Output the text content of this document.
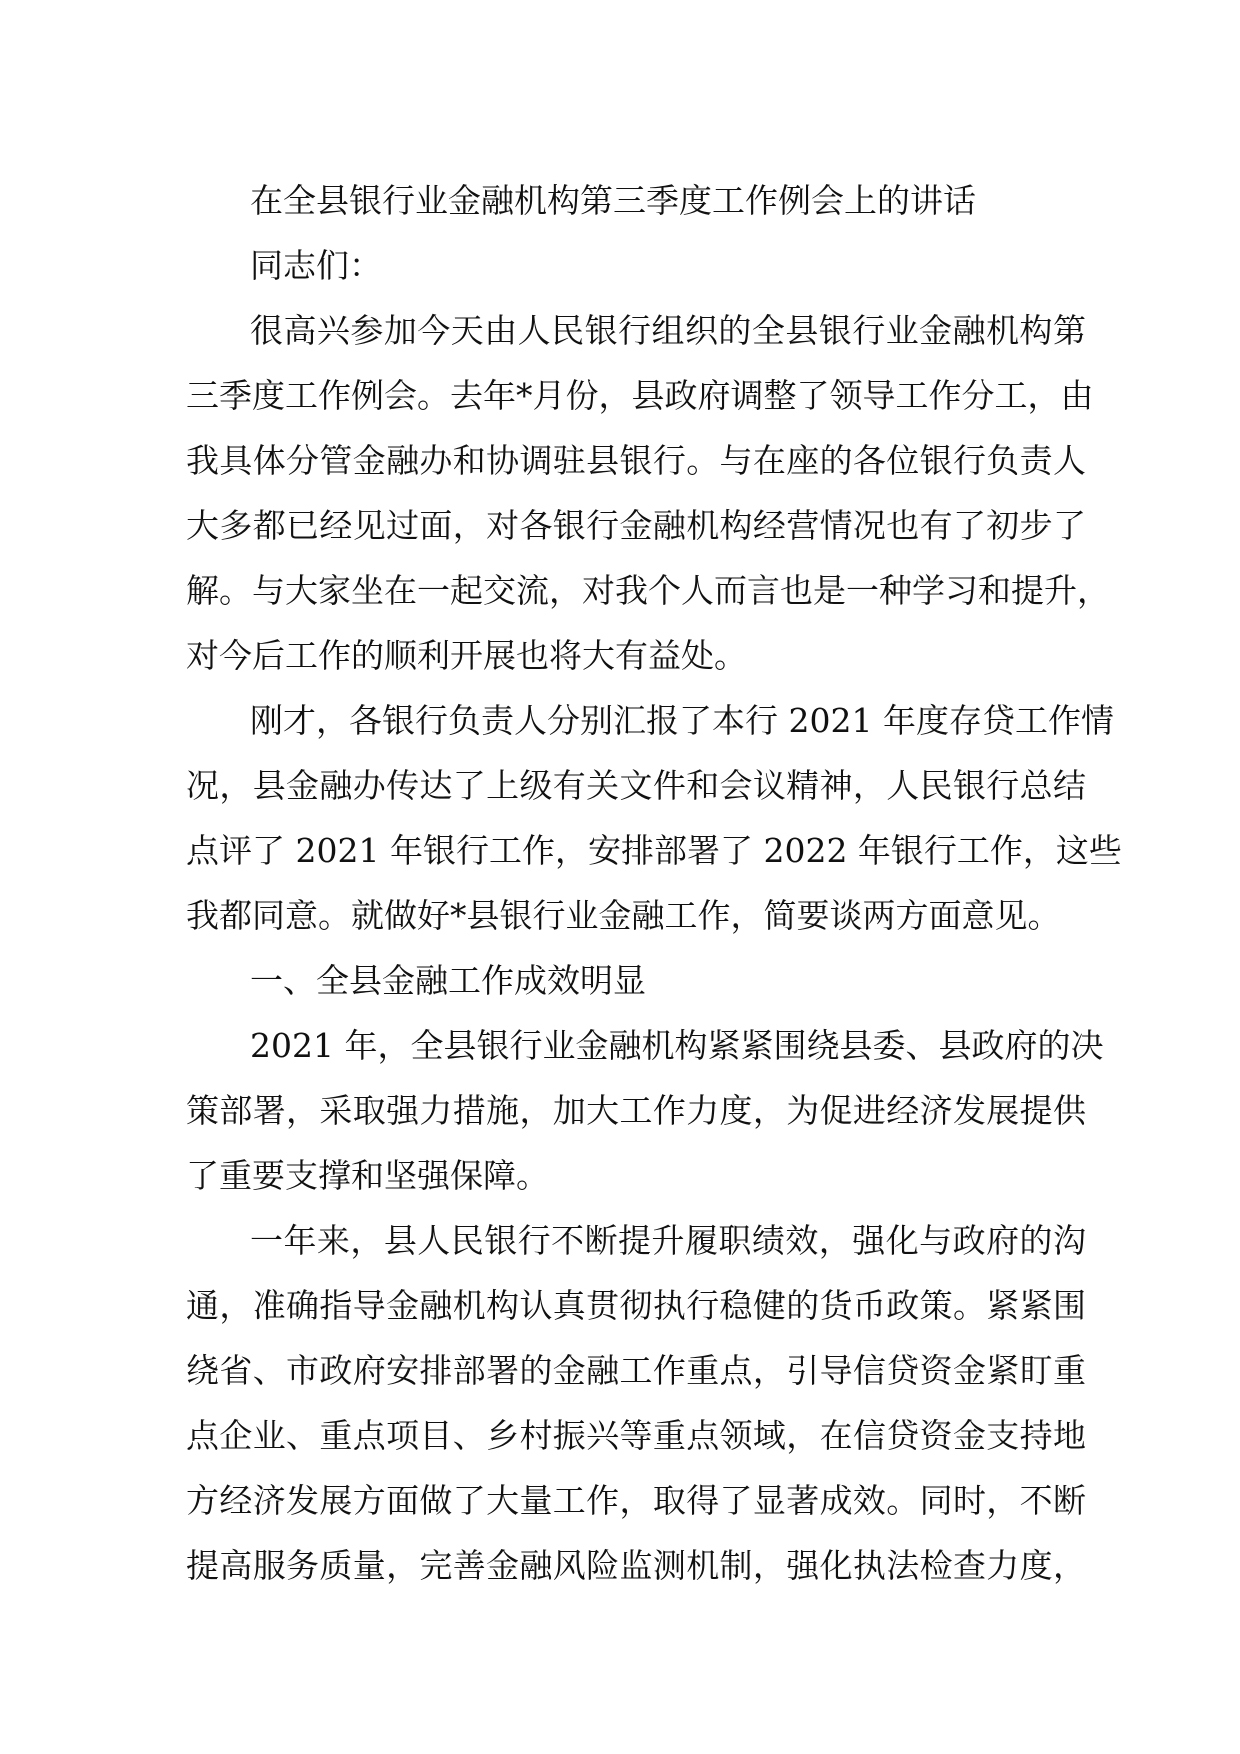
在全县银行业金融机构第三季度工作例会上的讲话
同志们：
很高兴参加今天由人民银行组织的全县银行业金融机构第
三季度工作例会。去年*月份，县政府调整了领导工作分工，由
我具体分管金融办和协调驻县银行。与在座的各位银行负责人
大多都已经见过面，对各银行金融机构经营情况也有了初步了
解。与大家坐在一起交流，对我个人而言也是一种学习和提升，
对今后工作的顺利开展也将大有益处。
刚才，各银行负责人分别汇报了本行 2021 年度存贷工作情
况，县金融办传达了上级有关文件和会议精神，人民银行总结
点评了 2021 年银行工作，安排部署了 2022 年银行工作，这些
我都同意。就做好*县银行业金融工作，简要谈两方面意见。
一、全县金融工作成效明显
2021 年，全县银行业金融机构紧紧围绕县委、县政府的决
策部署，采取强力措施，加大工作力度，为促进经济发展提供
了重要支撑和坚强保障。
一年来，县人民银行不断提升履职绩效，强化与政府的沟
通，准确指导金融机构认真贯彻执行稳健的货币政策。紧紧围
绕省、市政府安排部署的金融工作重点，引导信贷资金紧盯重
点企业、重点项目、乡村振兴等重点领域，在信贷资金支持地
方经济发展方面做了大量工作，取得了显著成效。同时，不断
提高服务质量，完善金融风险监测机制，强化执法检查力度，
